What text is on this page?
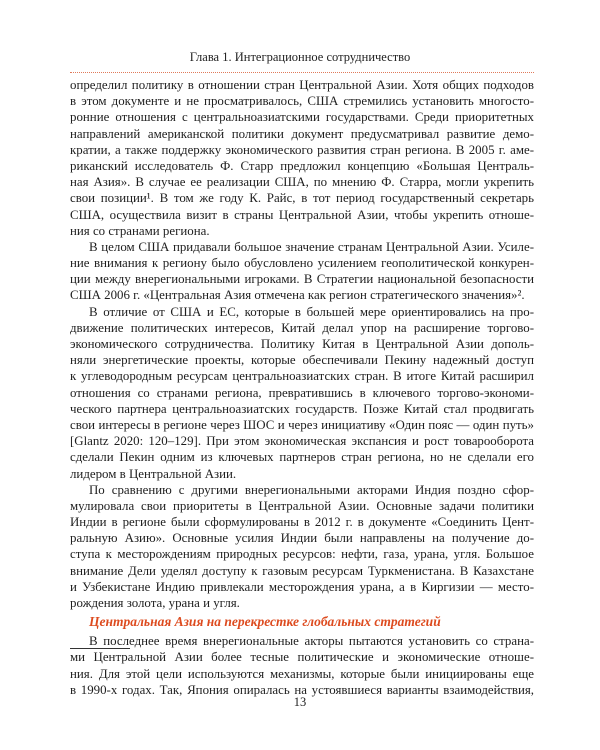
Глава 1. Интеграционное сотрудничество
определил политику в отношении стран Центральной Азии. Хотя общих подходов
в этом документе и не просматривалось, США стремились установить многосто-
ронние отношения с центральноазиатскими государствами. Среди приоритетных
направлений американской политики документ предусматривал развитие демо-
кратии, а также поддержку экономического развития стран региона. В 2005 г. аме-
риканский исследователь Ф. Старр предложил концепцию «Большая Централь-
ная Азия». В случае ее реализации США, по мнению Ф. Старра, могли укрепить
свои позиции¹. В том же году К. Райс, в тот период государственный секретарь
США, осуществила визит в страны Центральной Азии, чтобы укрепить отноше-
ния со странами региона.
В целом США придавали большое значение странам Центральной Азии. Усиле-
ние внимания к региону было обусловлено усилением геополитической конкурен-
ции между внерегиональными игроками. В Стратегии национальной безопасности
США 2006 г. «Центральная Азия отмечена как регион стратегического значения»².
В отличие от США и ЕС, которые в большей мере ориентировались на про-
движение политических интересов, Китай делал упор на расширение торгово-
экономического сотрудничества. Политику Китая в Центральной Азии дополь-
няли энергетические проекты, которые обеспечивали Пекину надежный доступ
к углеводородным ресурсам центральноазиатских стран. В итоге Китай расширил
отношения со странами региона, превратившись в ключевого торгово-экономи-
ческого партнера центральноазиатских государств. Позже Китай стал продвигать
свои интересы в регионе через ШОС и через инициативу «Один пояс — один путь»
[Glantz 2020: 120–129]. При этом экономическая экспансия и рост товарооборота
сделали Пекин одним из ключевых партнеров стран региона, но не сделали его
лидером в Центральной Азии.
По сравнению с другими внерегиональными акторами Индия поздно сфор-
мулировала свои приоритеты в Центральной Азии. Основные задачи политики
Индии в регионе были сформулированы в 2012 г. в документе «Соединить Цент-
ральную Азию». Основные усилия Индии были направлены на получение до-
ступа к месторождениям природных ресурсов: нефти, газа, урана, угля. Большое
внимание Дели уделял доступу к газовым ресурсам Туркменистана. В Казахстане
и Узбекистане Индию привлекали месторождения урана, а в Киргизии — место-
рождения золота, урана и угля.
Центральная Азия на перекрестке глобальных стратегий
В последнее время внерегиональные акторы пытаются установить со страна-
ми Центральной Азии более тесные политические и экономические отноше-
ния. Для этой цели используются механизмы, которые были инициированы еще
в 1990-х годах. Так, Япония опиралась на устоявшиеся варианты взаимодействия,
13
